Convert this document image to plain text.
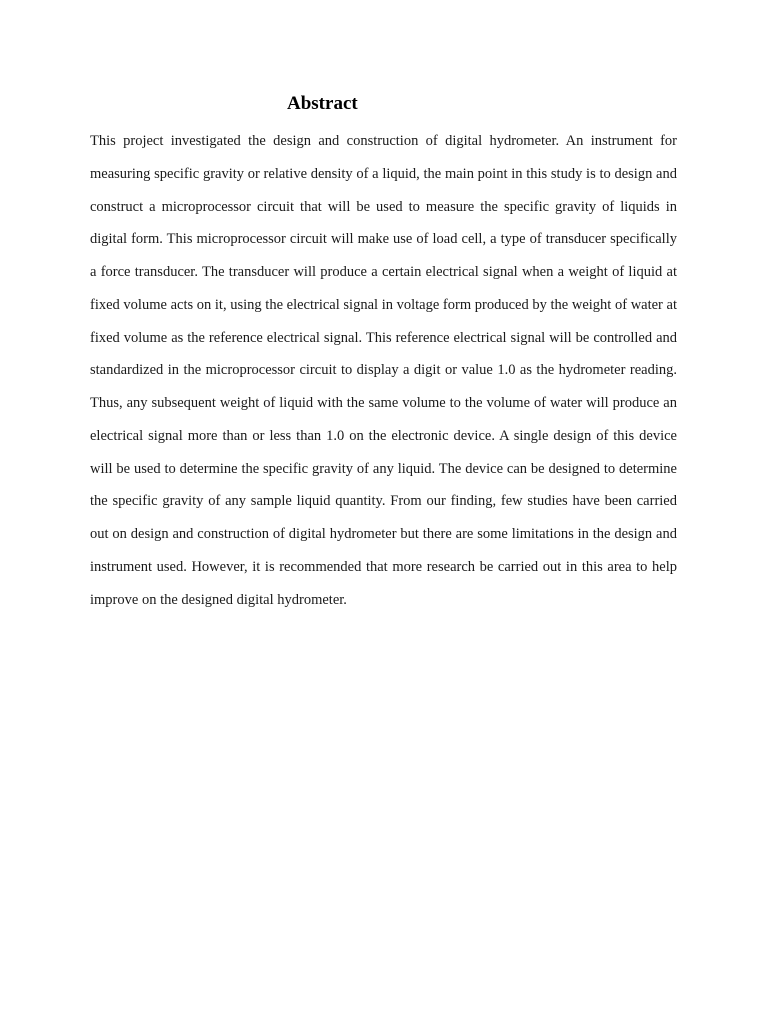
Abstract

This project investigated the design and construction of digital hydrometer. An instrument for measuring specific gravity or relative density of a liquid, the main point in this study is to design and construct a microprocessor circuit that will be used to measure the specific gravity of liquids in digital form. This microprocessor circuit will make use of load cell, a type of transducer specifically a force transducer. The transducer will produce a certain electrical signal when a weight of liquid at fixed volume acts on it, using the electrical signal in voltage form produced by the weight of water at fixed volume as the reference electrical signal. This reference electrical signal will be controlled and standardized in the microprocessor circuit to display a digit or value 1.0 as the hydrometer reading. Thus, any subsequent weight of liquid with the same volume to the volume of water will produce an electrical signal more than or less than 1.0 on the electronic device. A single design of this device will be used to determine the specific gravity of any liquid. The device can be designed to determine the specific gravity of any sample liquid quantity. From our finding, few studies have been carried out on design and construction of digital hydrometer but there are some limitations in the design and instrument used. However, it is recommended that more research be carried out in this area to help improve on the designed digital hydrometer.
